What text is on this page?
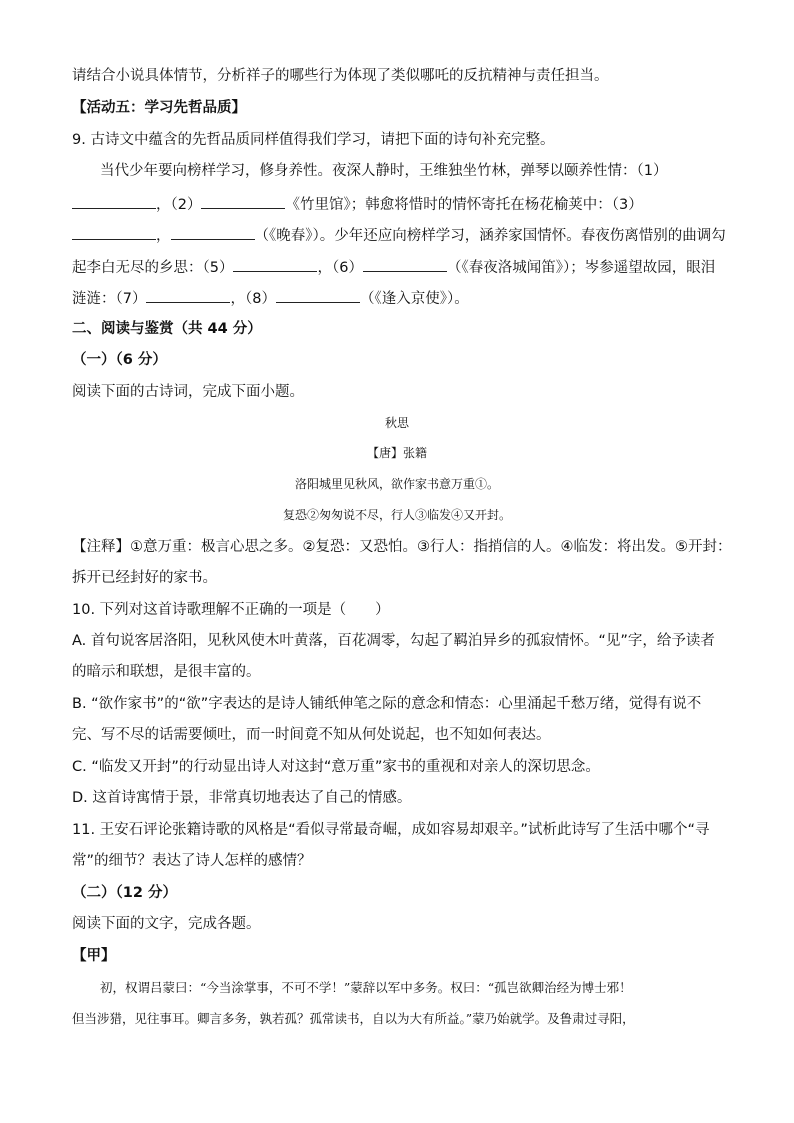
请结合小说具体情节，分析祥子的哪些行为体现了类似哪吒的反抗精神与责任担当。
【活动五：学习先哲品质】
9. 古诗文中蕴含的先哲品质同样值得我们学习，请把下面的诗句补充完整。
当代少年要向榜样学习，修身养性。夜深人静时，王维独坐竹林，弹琴以颐养性情：（1）
，（2）	《竹里馆》；韩愈将惜时的情怀寄托在杨花榆荚中：（3）
，	（《晚春》）。少年还应向榜样学习，涵养家国情怀。春夜伤离惜别的曲调勾
起李白无尽的乡思：（5）	，（6）	（《春夜洛城闻笛》）；岑参遥望故园，眼泪
涟涟：（7）	，（8）	（《逢入京使》）。
二、阅读与鉴赏（共 44 分）
（一）（6 分）
阅读下面的古诗词，完成下面小题。
秋思
【唐】张籍
洛阳城里见秋风，欲作家书意万重①。
复恐②匆匆说不尽，行人③临发④又开封。
【注释】①意万重：极言心思之多。②复恐：又恐怕。③行人：指捎信的人。④临发：将出发。⑤开封：
拆开已经封好的家书。
10. 下列对这首诗歌理解不正确的一项是（　　）
A. 首句说客居洛阳，见秋风使木叶黄落，百花凋零，勾起了羁泊异乡的孤寂情怀。“见”字，给予读者
的暗示和联想，是很丰富的。
B. “欲作家书”的“欲”字表达的是诗人铺纸伸笔之际的意念和情态：心里涌起千愁万绪，觉得有说不
完、写不尽的话需要倾吐，而一时间竟不知从何处说起，也不知如何表达。
C. “临发又开封”的行动显出诗人对这封“意万重”家书的重视和对亲人的深切思念。
D. 这首诗寓情于景，非常真切地表达了自己的情感。
11. 王安石评论张籍诗歌的风格是“看似寻常最奇崛，成如容易却艰辛。”试析此诗写了生活中哪个“寻
常”的细节？表达了诗人怎样的感情？
（二）（12 分）
阅读下面的文字，完成各题。
【甲】
初，权谓吕蒙曰：“今当涂掌事，不可不学！”蒙辞以军中多务。权曰：“孤岂欲卿治经为博士邪！
但当涉猎，见往事耳。卿言多务，孰若孤？孤常读书，自以为大有所益。”蒙乃始就学。及鲁肃过寻阳，
